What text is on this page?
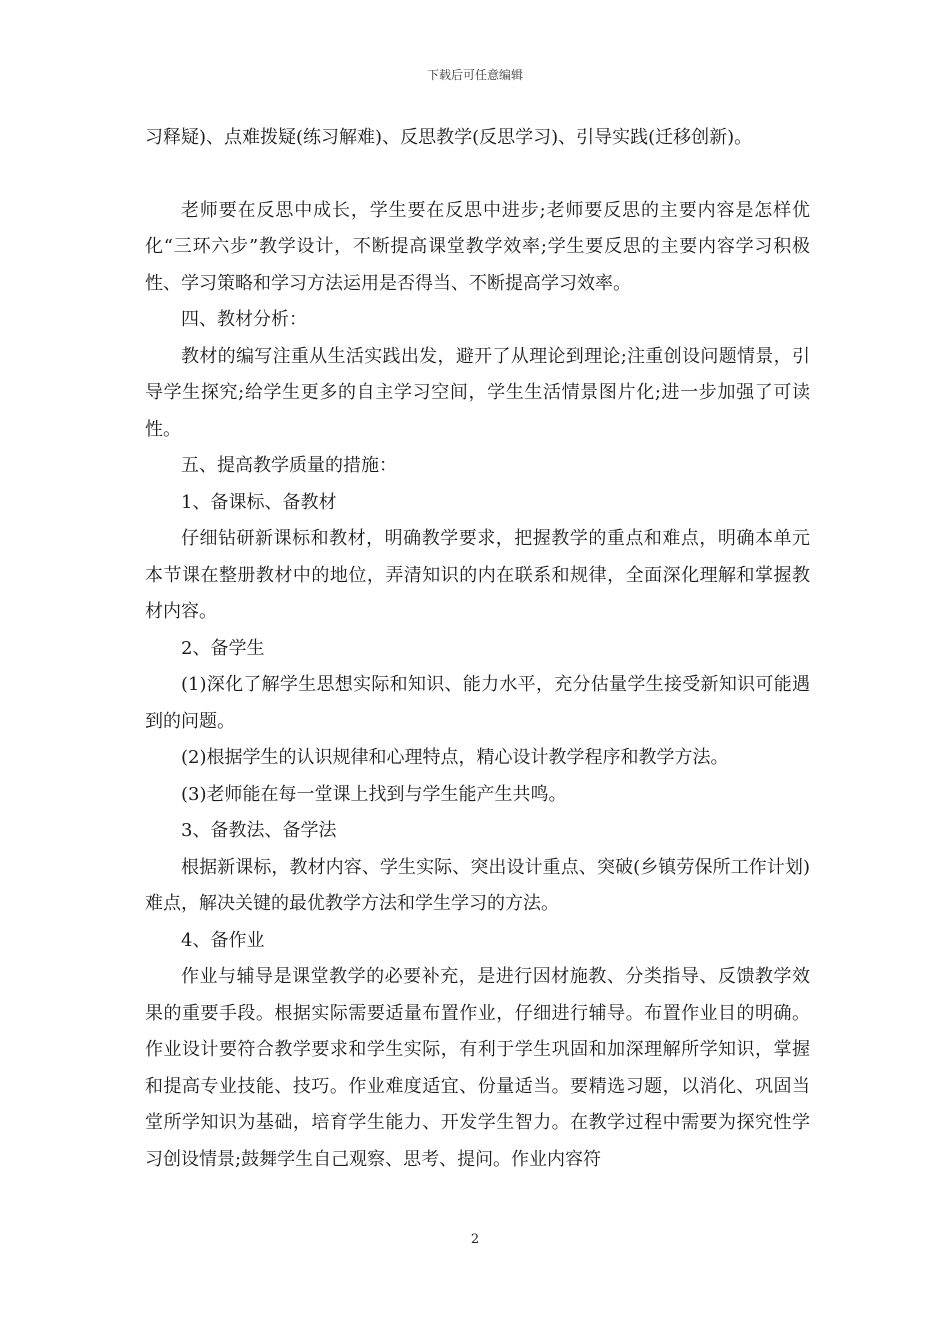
下载后可任意编辑

习释疑)、点难拨疑(练习解难)、反思教学(反思学习)、引导实践(迁移创新)。

老师要在反思中成长，学生要在反思中进步;老师要反思的主要内容是怎样优化“三环六步”教学设计，不断提高课堂教学效率;学生要反思的主要内容学习积极性、学习策略和学习方法运用是否得当、不断提高学习效率。

四、教材分析：

教材的编写注重从生活实践出发，避开了从理论到理论;注重创设问题情景，引导学生探究;给学生更多的自主学习空间，学生生活情景图片化;进一步加强了可读性。

五、提高教学质量的措施：

1、备课标、备教材

仔细钻研新课标和教材，明确教学要求，把握教学的重点和难点，明确本单元本节课在整册教材中的地位，弄清知识的内在联系和规律，全面深化理解和掌握教材内容。

2、备学生

(1)深化了解学生思想实际和知识、能力水平，充分估量学生接受新知识可能遇到的问题。

(2)根据学生的认识规律和心理特点，精心设计教学程序和教学方法。

(3)老师能在每一堂课上找到与学生能产生共鸣。

3、备教法、备学法

根据新课标，教材内容、学生实际、突出设计重点、突破(乡镇劳保所工作计划)难点，解决关键的最优教学方法和学生学习的方法。

4、备作业

作业与辅导是课堂教学的必要补充，是进行因材施教、分类指导、反馈教学效果的重要手段。根据实际需要适量布置作业，仔细进行辅导。布置作业目的明确。作业设计要符合教学要求和学生实际，有利于学生巩固和加深理解所学知识，掌握和提高专业技能、技巧。作业难度适宜、份量适当。要精选习题，以消化、巩固当堂所学知识为基础，培育学生能力、开发学生智力。在教学过程中需要为探究性学习创设情景;鼓舞学生自己观察、思考、提问。作业内容符

2
